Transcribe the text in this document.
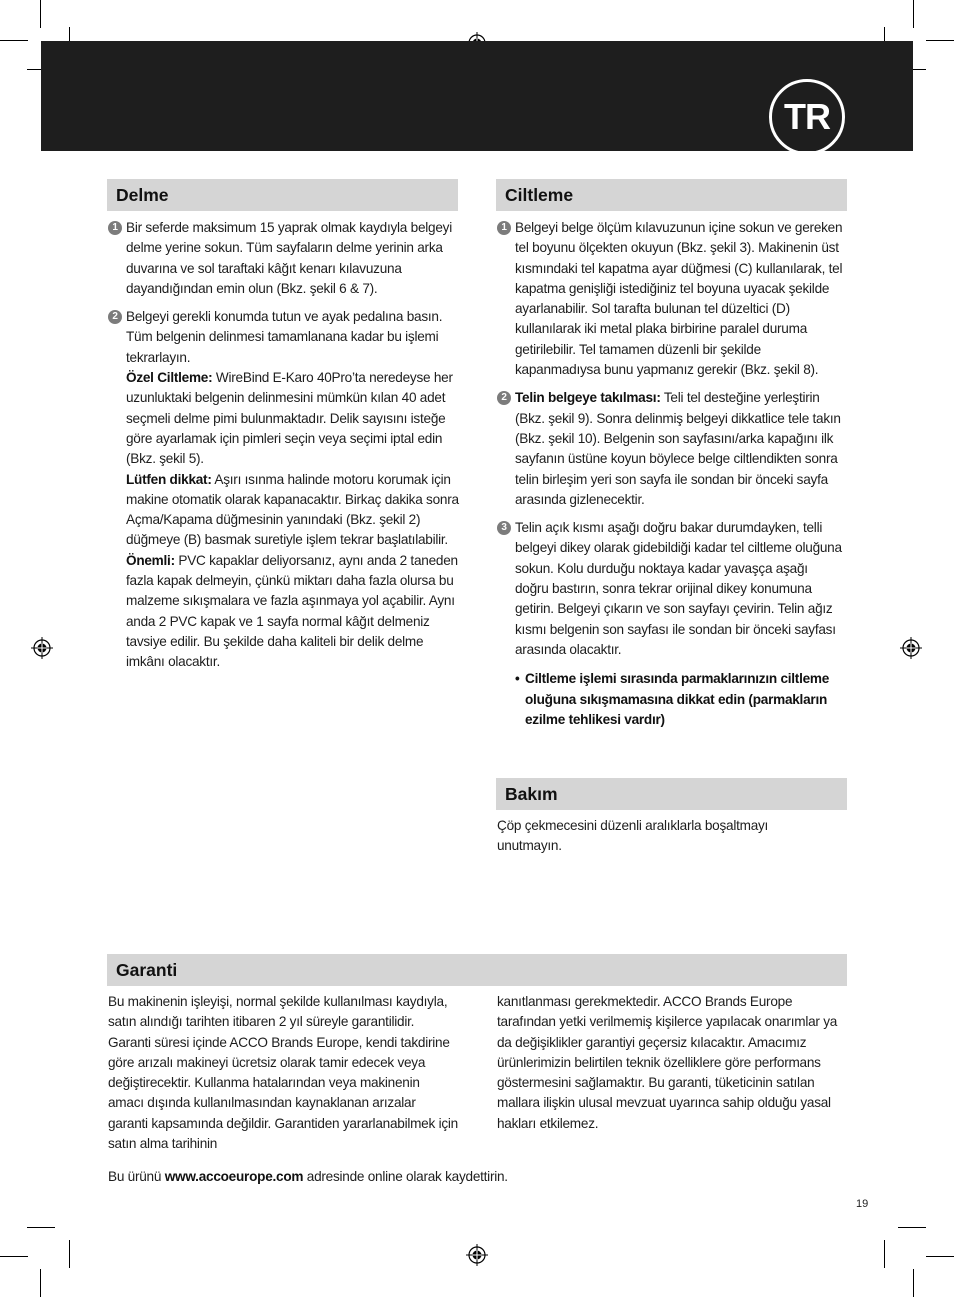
TR
Delme
1 Bir seferde maksimum 15 yaprak olmak kaydıyla belgeyi delme yerine sokun. Tüm sayfaların delme yerinin arka duvarına ve sol taraftaki kâğıt kenarı kılavuzuna dayandığından emin olun (Bkz. şekil 6 & 7).

2 Belgeyi gerekli konumda tutun ve ayak pedalına basın. Tüm belgenin delinmesi tamamlanana kadar bu işlemi tekrarlayın.

Özel Ciltleme: WireBind E-Karo 40Pro’ta neredeyse her uzunluktaki belgenin delinmesini mümkün kılan 40 adet seçmeli delme pimi bulunmaktadır. Delik sayısını isteğe göre ayarlamak için pimleri seçin veya seçimi iptal edin (Bkz. şekil 5).

Lütfen dikkat: Aşırı ısınma halinde motoru korumak için makine otomatik olarak kapanacaktır. Birkaç dakika sonra Açma/Kapama düğmesinin yanındaki (Bkz. şekil 2) düğmeye (B) basmak suretiyle işlem tekrar başlatılabilir.

Önemli: PVC kapaklar deliyorsanız, aynı anda 2 taneden fazla kapak delmeyin, çünkü miktarı daha fazla olursa bu malzeme sıkışmalara ve fazla aşınmaya yol açabilir. Aynı anda 2 PVC kapak ve 1 sayfa normal kâğıt delmeniz tavsiye edilir. Bu şekilde daha kaliteli bir delik delme imkânı olacaktır.

Ciltleme
1 Belgeyi belge ölçüm kılavuzunun içine sokun ve gereken tel boyunu ölçekten okuyun (Bkz. şekil 3). Makinenin üst kısmındaki tel kapatma ayar düğmesi (C) kullanılarak, tel kapatma genişliği istediğiniz tel boyuna uyacak şekilde ayarlanabilir. Sol tarafta bulunan tel düzeltici (D) kullanılarak iki metal plaka birbirine paralel duruma getirilebilir. Tel tamamen düzenli bir şekilde kapanmadıysa bunu yapmanız gerekir (Bkz. şekil 8).

2 Telin belgeye takılması: Teli tel desteğine yerleştirin (Bkz. şekil 9). Sonra delinmiş belgeyi dikkatlice tele takın (Bkz. şekil 10). Belgenin son sayfasını/arka kapağını ilk sayfanın üstüne koyun böylece belge ciltlendikten sonra telin birleşim yeri son sayfa ile sondan bir önceki sayfa arasında gizlenecektir.

3 Telin açık kısmı aşağı doğru bakar durumdayken, telli belgeyi dikey olarak gidebildiği kadar tel ciltleme oluğuna sokun. Kolu durduğu noktaya kadar yavaşça aşağı doğru bastırın, sonra tekrar orijinal dikey konumuna getirin. Belgeyi çıkarın ve son sayfayı çevirin. Telin ağız kısmı belgenin son sayfası ile sondan bir önceki sayfası arasında olacaktır.

• Ciltleme işlemi sırasında parmaklarınızın ciltleme oluğuna sıkışmamasına dikkat edin (parmakların ezilme tehlikesi vardır)
Bakım
Çöp çekmecesini düzenli aralıklarla boşaltmayı unutmayın.
Garanti
Bu makinenin işleyişi, normal şekilde kullanılması kaydıyla, satın alındığı tarihten itibaren 2 yıl süreyle garantilidir. Garanti süresi içinde ACCO Brands Europe, kendi takdirine göre arızalı makineyi ücretsiz olarak tamir edecek veya değiştirecektir. Kullanma hatalarından veya makinenin amacı dışında kullanılmasından kaynaklanan arızalar garanti kapsamında değildir. Garantiden yararlanabilmek için satın alma tarihinin
kanıtlanması gerekmektedir. ACCO Brands Europe tarafından yetki verilmemiş kişilerce yapılacak onarımlar ya da değişiklikler garantiyi geçersiz kılacaktır. Amacımız ürünlerimizin belirtilen teknik özelliklere göre performans göstermesini sağlamaktır. Bu garanti, tüketicinin satılan mallara ilişkin ulusal mevzuat uyarınca sahip olduğu yasal hakları etkilemez.
Bu ürünü www.accoeurope.com adresinde online olarak kaydettirin.
19
